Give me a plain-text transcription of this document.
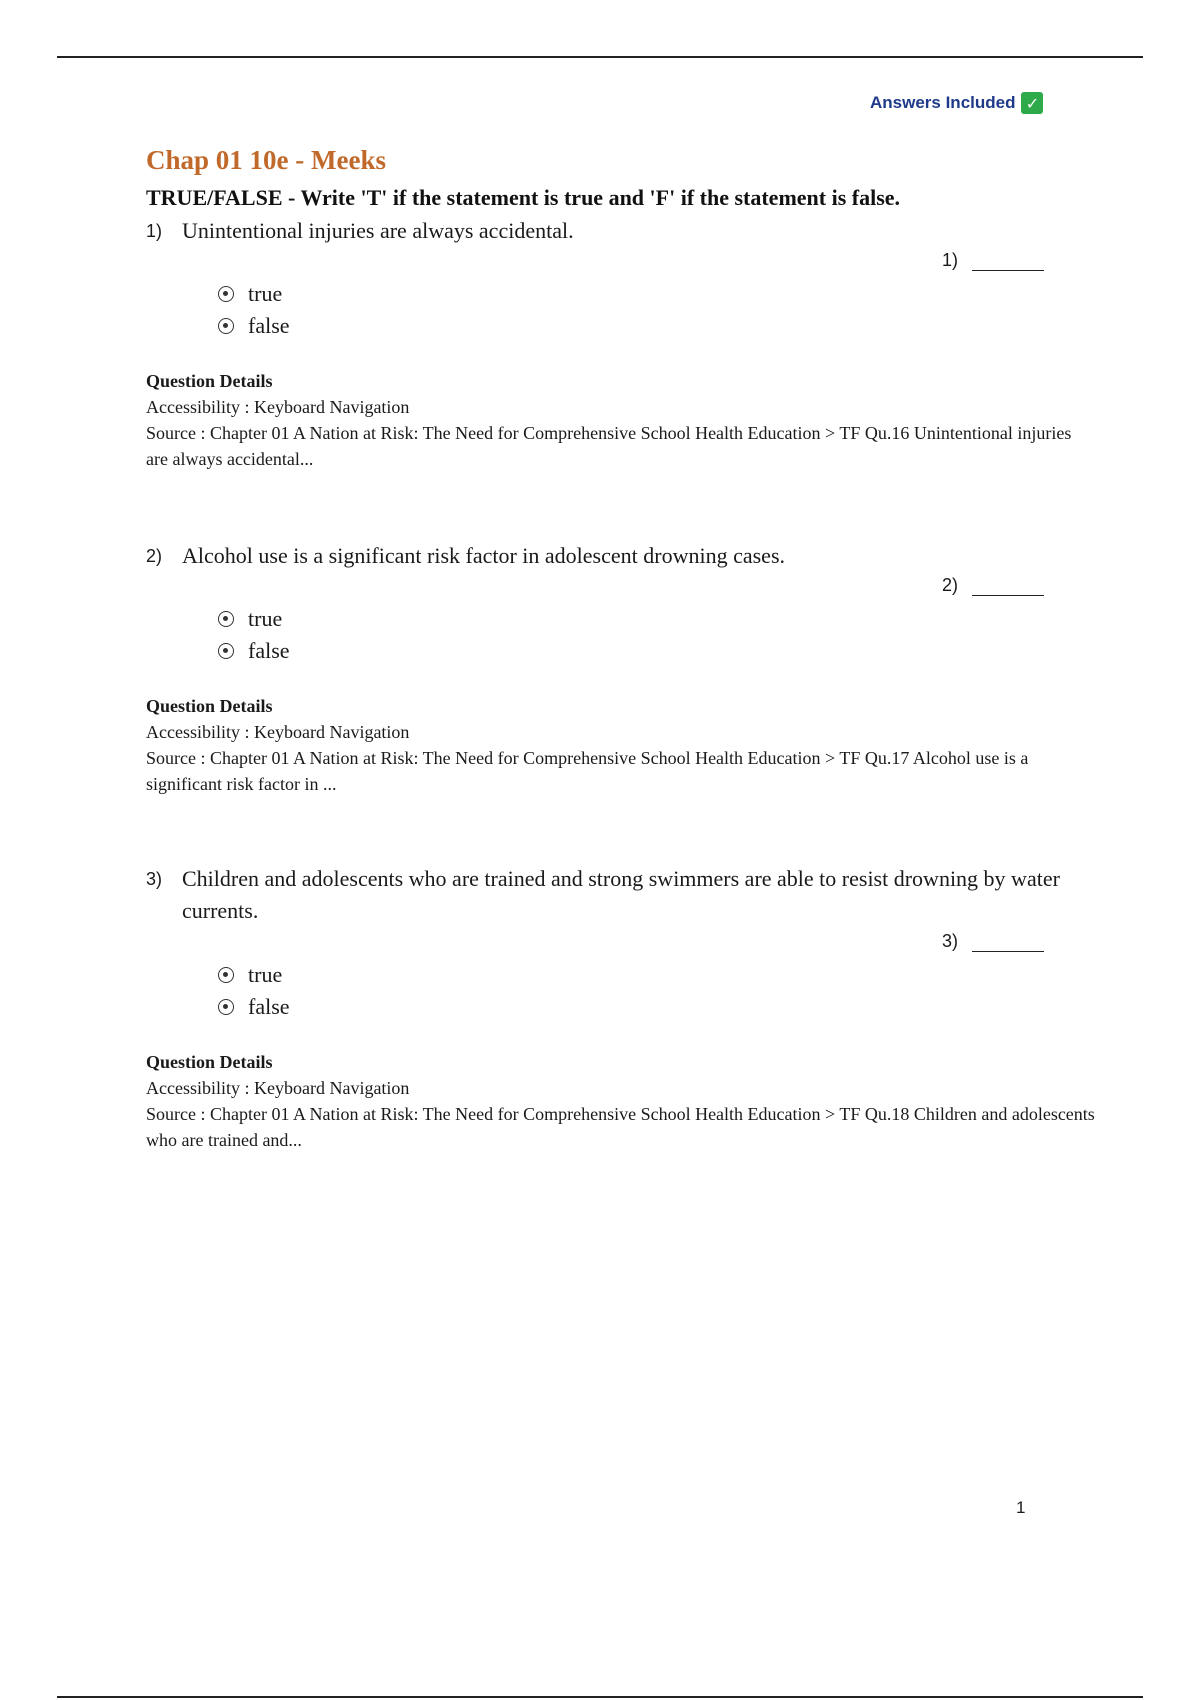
Answers Included ✓
Chap 01 10e - Meeks
TRUE/FALSE - Write 'T' if the statement is true and 'F' if the statement is false.
1) Unintentional injuries are always accidental.
1)
true
false
Question Details
Accessibility : Keyboard Navigation
Source : Chapter 01 A Nation at Risk: The Need for Comprehensive School Health Education > TF Qu.16 Unintentional injuries are always accidental...
2) Alcohol use is a significant risk factor in adolescent drowning cases.
2)
true
false
Question Details
Accessibility : Keyboard Navigation
Source : Chapter 01 A Nation at Risk: The Need for Comprehensive School Health Education > TF Qu.17 Alcohol use is a significant risk factor in ...
3) Children and adolescents who are trained and strong swimmers are able to resist drowning by water currents.
3)
true
false
Question Details
Accessibility : Keyboard Navigation
Source : Chapter 01 A Nation at Risk: The Need for Comprehensive School Health Education > TF Qu.18 Children and adolescents who are trained and...
1
